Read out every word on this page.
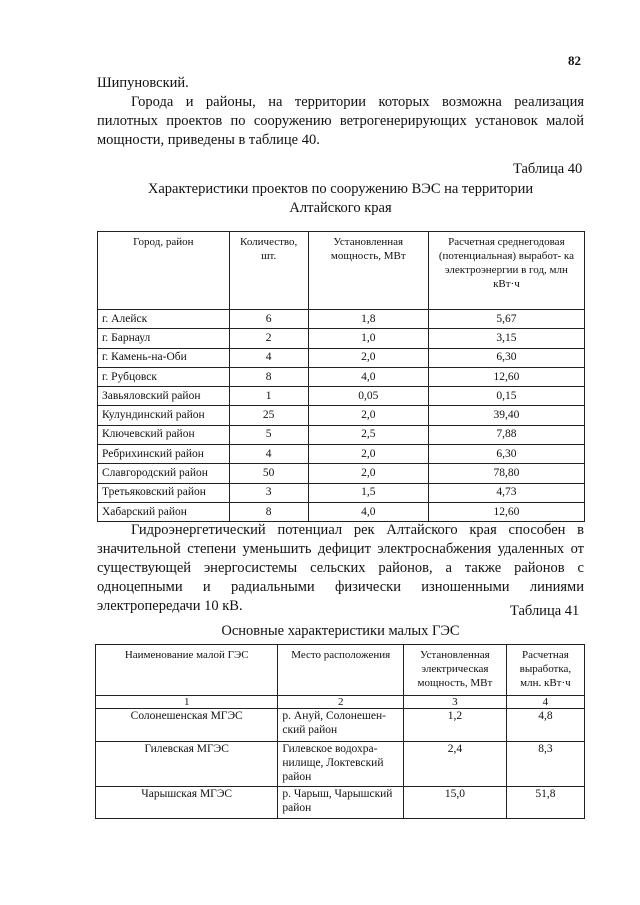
82
Шипуновский.
Города и районы, на территории которых возможна реализация пилотных проектов по сооружению ветрогенерирующих установок малой мощности, приведены в таблице 40.
Таблица 40
Характеристики проектов по сооружению ВЭС на территории
Алтайского края
Город, район	Количество, шт.	Установленная мощность, МВт	Расчетная среднегодовая (потенциальная) выработ- ка электроэнергии в год, млн кВт·ч
г. Алейск	6	1,8	5,67
г. Барнаул	2	1,0	3,15
г. Камень-на-Оби	4	2,0	6,30
г. Рубцовск	8	4,0	12,60
Завьяловский район	1	0,05	0,15
Кулундинский район	25	2,0	39,40
Ключевский район	5	2,5	7,88
Ребрихинский район	4	2,0	6,30
Славгородский район	50	2,0	78,80
Третьяковский район	3	1,5	4,73
Хабарский район	8	4,0	12,60
Гидроэнергетический потенциал рек Алтайского края способен в
значительной степени уменьшить дефицит электроснабжения удаленных от
существующей энергосистемы сельских районов, а также районов с
одноцепными и радиальными физически изношенными линиями
электропередачи 10 кВ.	Таблица 41
Основные характеристики малых ГЭС
Наименование малой ГЭС	Место расположения	Установленная электрическая мощность, МВт	Расчетная выработка, млн. кВт·ч
1	2	3	4
Солонешенская МГЭС	р. Ануй, Солонешен- ский район	1,2	4,8
Гилевская МГЭС	Гилевское водохра- нилище, Локтевский район	2,4	8,3
Чарышская МГЭС	р. Чарыш, Чарышский район	15,0	51,8
